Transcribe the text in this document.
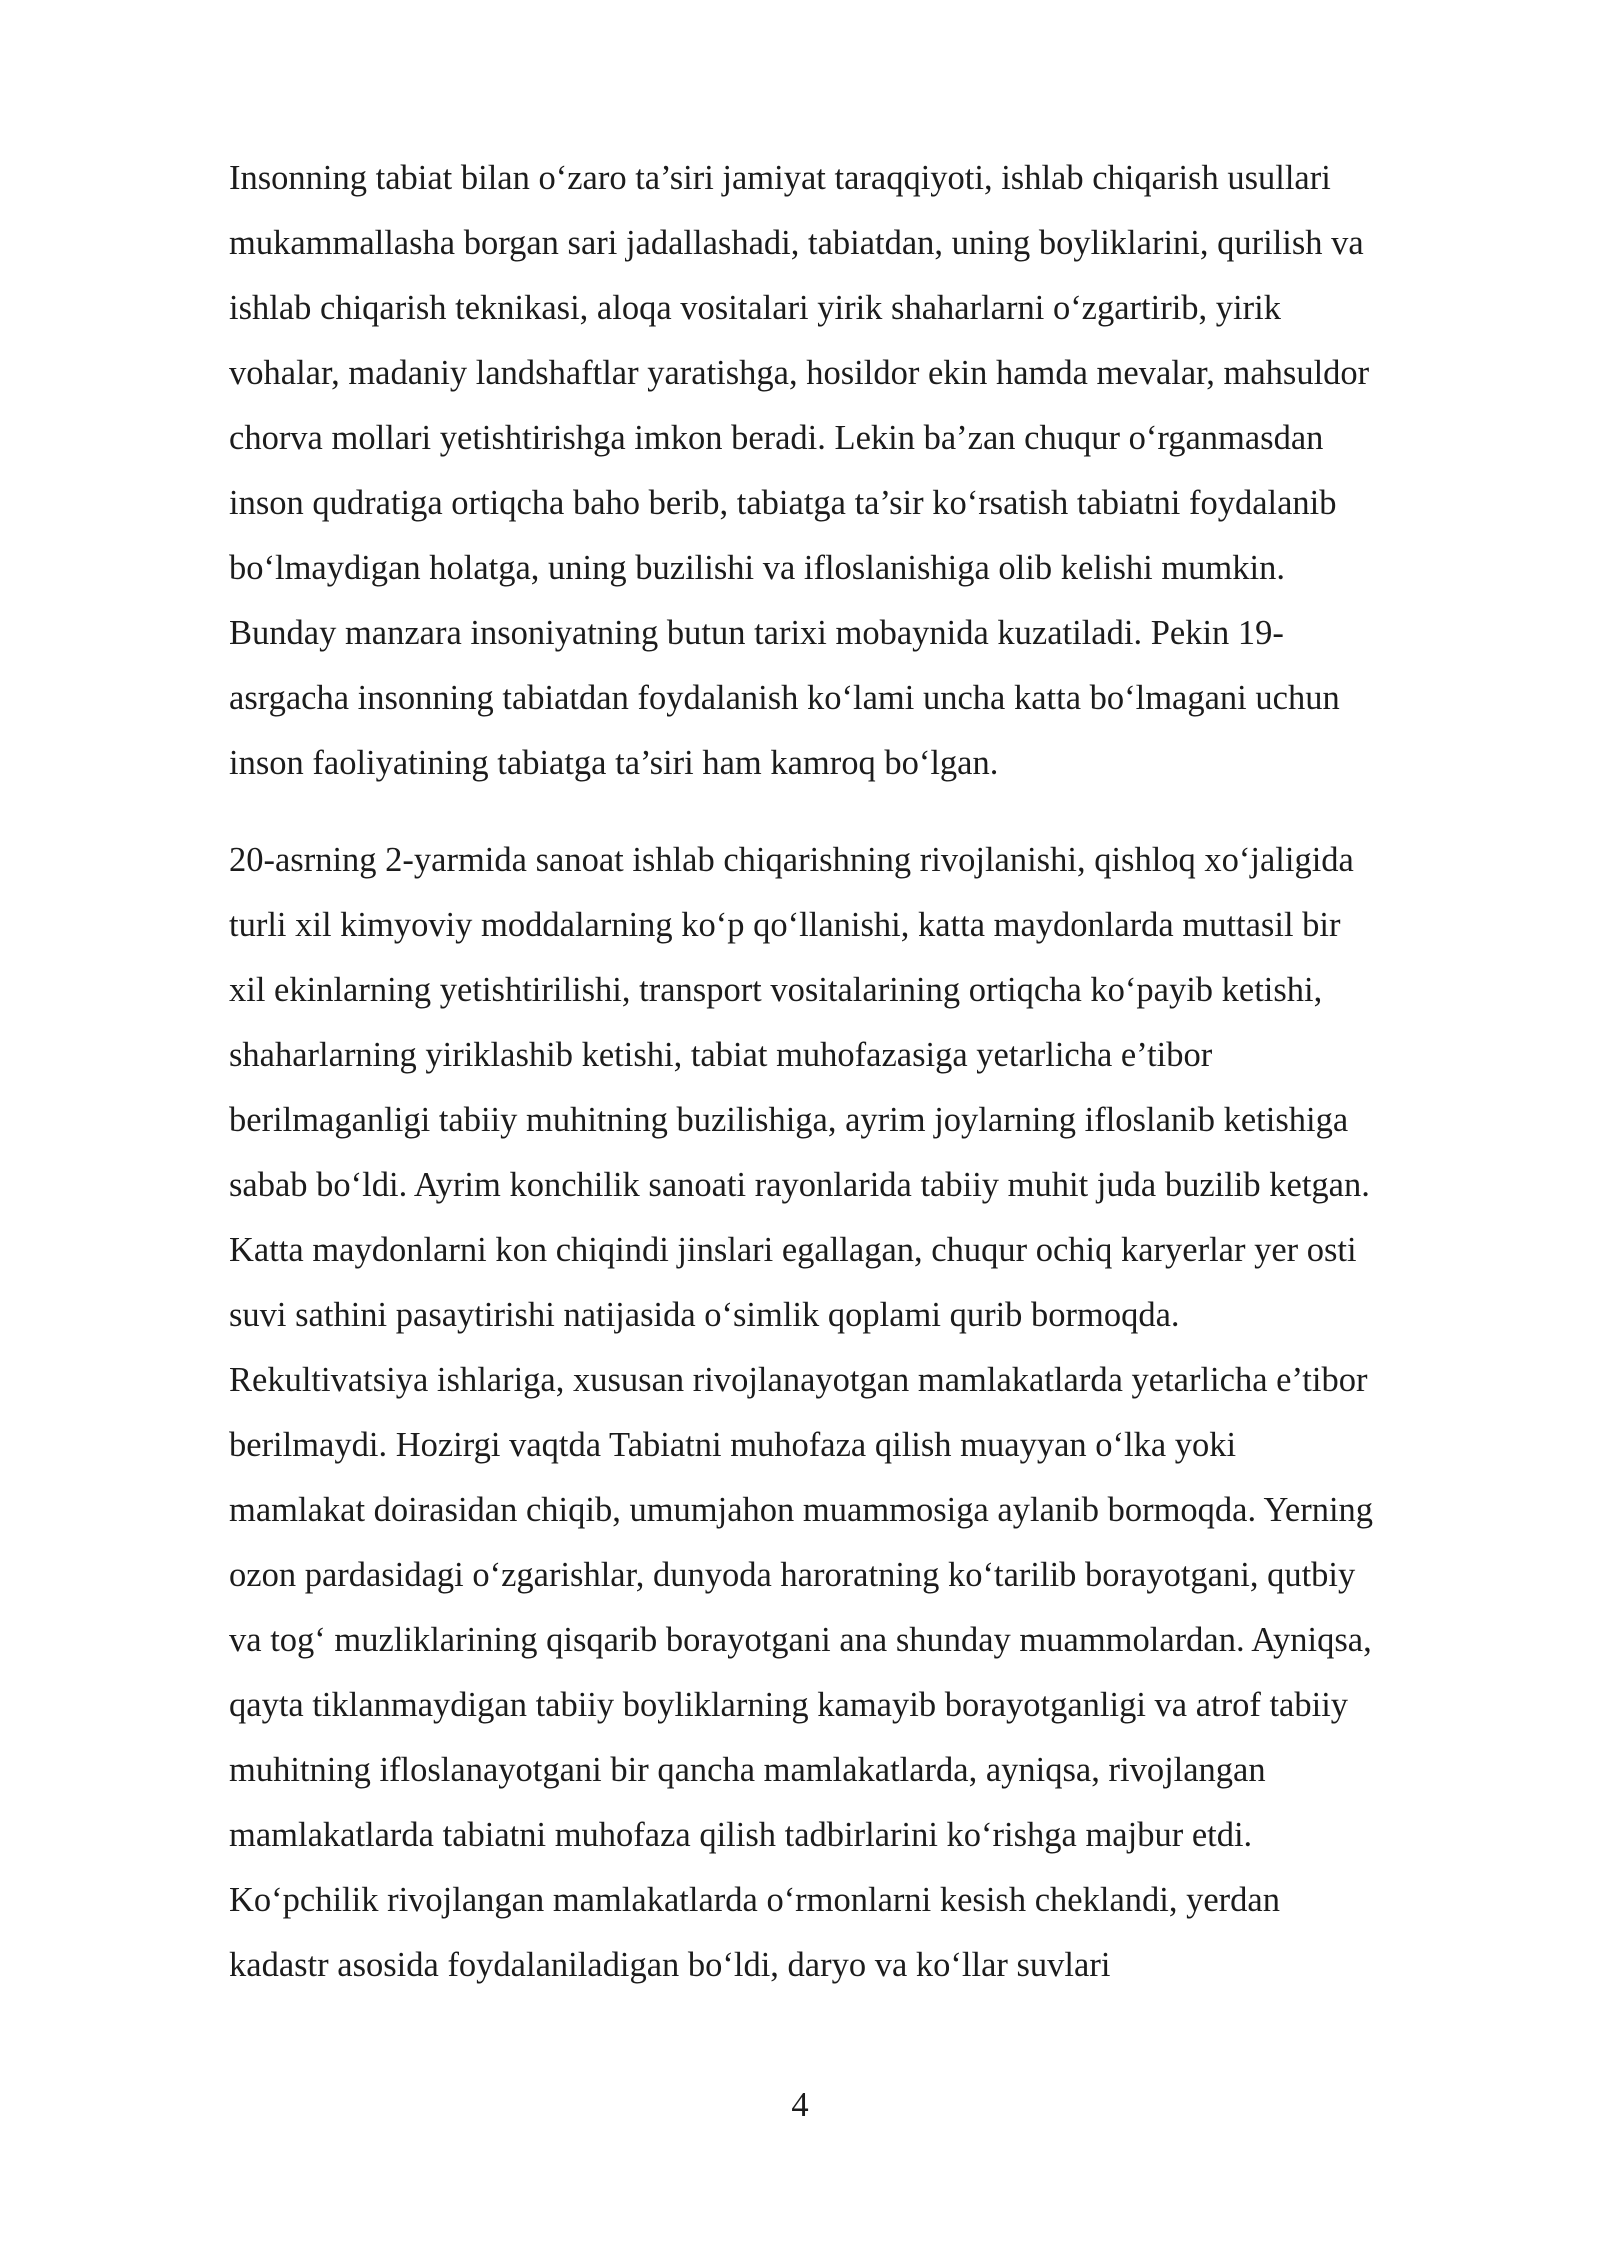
Insonning tabiat bilan o‘zaro ta’siri jamiyat taraqqiyoti, ishlab chiqarish usullari
mukammallasha borgan sari jadallashadi, tabiatdan, uning boyliklarini, qurilish va
ishlab chiqarish teknikasi, aloqa vositalari yirik shaharlarni o‘zgartirib, yirik
vohalar, madaniy landshaftlar yaratishga, hosildor ekin hamda mevalar, mahsuldor
chorva mollari yetishtirishga imkon beradi. Lekin ba’zan chuqur o‘rganmasdan
inson qudratiga ortiqcha baho berib, tabiatga ta’sir ko‘rsatish tabiatni foydalanib
bo‘lmaydigan holatga, uning buzilishi va ifloslanishiga olib kelishi mumkin.
Bunday manzara insoniyatning butun tarixi mobaynida kuzatiladi. Pekin 19-
asrgacha insonning tabiatdan foydalanish ko‘lami uncha katta bo‘lmagani uchun
inson faoliyatining tabiatga ta’siri ham kamroq bo‘lgan.
20-asrning 2-yarmida sanoat ishlab chiqarishning rivojlanishi, qishloq xo‘jaligida
turli xil kimyoviy moddalarning ko‘p qo‘llanishi, katta maydonlarda muttasil bir
xil ekinlarning yetishtirilishi, transport vositalarining ortiqcha ko‘payib ketishi,
shaharlarning yiriklashib ketishi, tabiat muhofazasiga yetarlicha e’tibor
berilmaganligi tabiiy muhitning buzilishiga, ayrim joylarning ifloslanib ketishiga
sabab bo‘ldi. Ayrim konchilik sanoati rayonlarida tabiiy muhit juda buzilib ketgan.
Katta maydonlarni kon chiqindi jinslari egallagan, chuqur ochiq karyerlar yer osti
suvi sathini pasaytirishi natijasida o‘simlik qoplami qurib bormoqda.
Rekultivatsiya ishlariga, xususan rivojlanayotgan mamlakatlarda yetarlicha e’tibor
berilmaydi. Hozirgi vaqtda Tabiatni muhofaza qilish muayyan o‘lka yoki
mamlakat doirasidan chiqib, umumjahon muammosiga aylanib bormoqda. Yerning
ozon pardasidagi o‘zgarishlar, dunyoda haroratning ko‘tarilib borayotgani, qutbiy
va tog‘ muzliklarining qisqarib borayotgani ana shunday muammolardan. Ayniqsa,
qayta tiklanmaydigan tabiiy boyliklarning kamayib borayotganligi va atrof tabiiy
muhitning ifloslanayotgani bir qancha mamlakatlarda, ayniqsa, rivojlangan
mamlakatlarda tabiatni muhofaza qilish tadbirlarini ko‘rishga majbur etdi.
Ko‘pchilik rivojlangan mamlakatlarda o‘rmonlarni kesish cheklandi, yerdan
kadastr asosida foydalaniladigan bo‘ldi, daryo va ko‘llar suvlari
4
